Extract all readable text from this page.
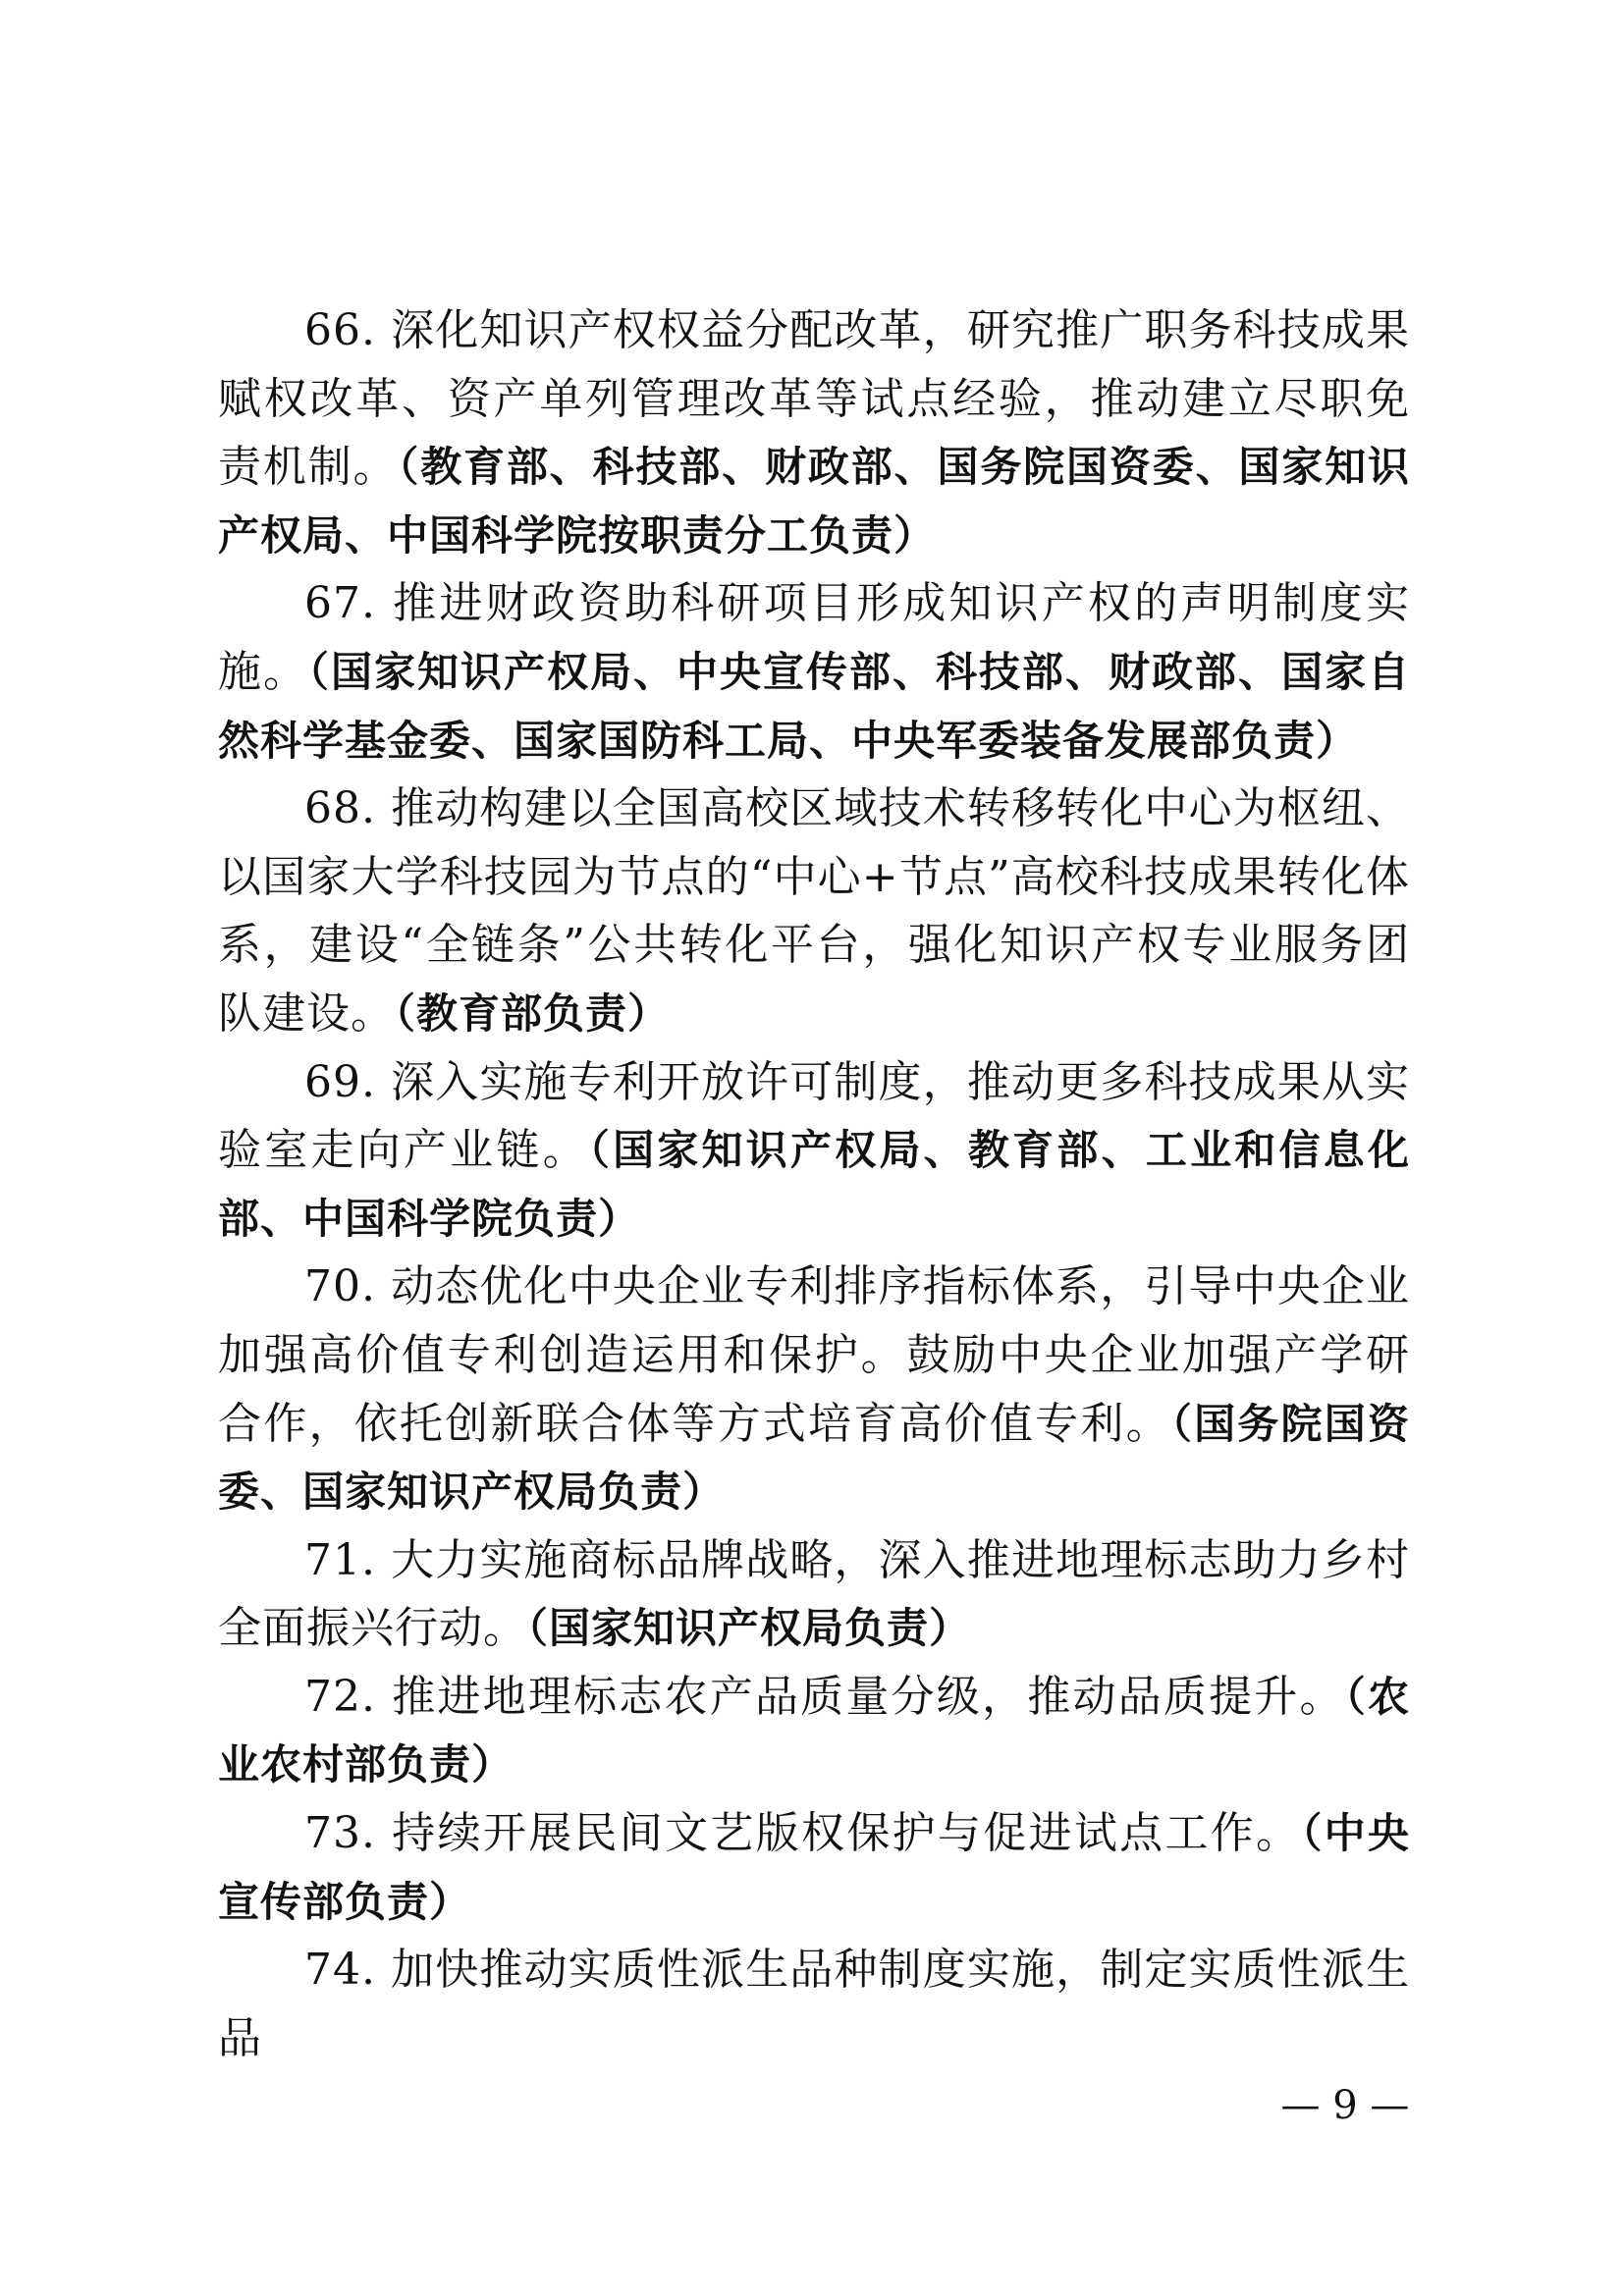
66. 深化知识产权权益分配改革，研究推广职务科技成果赋权改革、资产单列管理改革等试点经验，推动建立尽职免责机制。（教育部、科技部、财政部、国务院国资委、国家知识产权局、中国科学院按职责分工负责）

67. 推进财政资助科研项目形成知识产权的声明制度实施。（国家知识产权局、中央宣传部、科技部、财政部、国家自然科学基金委、国家国防科工局、中央军委装备发展部负责）

68. 推动构建以全国高校区域技术转移转化中心为枢纽、以国家大学科技园为节点的“中心+节点”高校科技成果转化体系，建设“全链条”公共转化平台，强化知识产权专业服务团队建设。（教育部负责）

69. 深入实施专利开放许可制度，推动更多科技成果从实验室走向产业链。（国家知识产权局、教育部、工业和信息化部、中国科学院负责）

70. 动态优化中央企业专利排序指标体系，引导中央企业加强高价值专利创造运用和保护。鼓励中央企业加强产学研合作，依托创新联合体等方式培育高价值专利。（国务院国资委、国家知识产权局负责）

71. 大力实施商标品牌战略，深入推进地理标志助力乡村全面振兴行动。（国家知识产权局负责）

72. 推进地理标志农产品质量分级，推动品质提升。（农业农村部负责）

73. 持续开展民间文艺版权保护与促进试点工作。（中央宣传部负责）

74. 加快推动实质性派生品种制度实施，制定实质性派生品

— 9 —
